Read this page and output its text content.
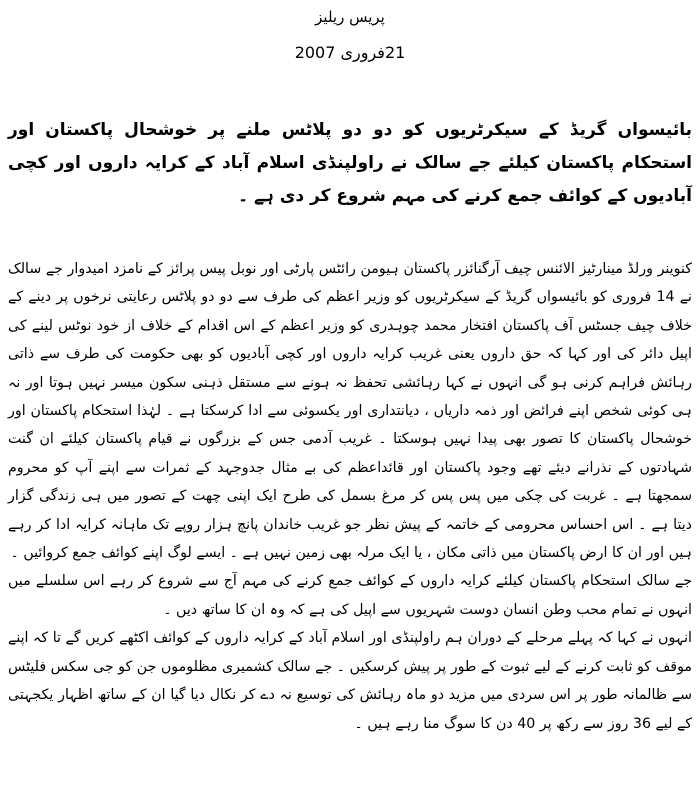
پریس ریلیز
21فروری 2007
بائیسواں گریڈ کے سیکرٹریوں کو دو دو پلاٹس ملنے پر خوشحال پاکستان اور استحکام پاکستان کیلئے جے سالک نے راولپنڈی اسلام آباد کے کرایہ داروں اور کچی آبادیوں کے کوائف جمع کرنے کی مہم شروع کر دی ہے ۔

کنوینر ورلڈ مینارٹیز الائنس چیف آرگنائزر پاکستان ہیومن رائٹس پارٹی اور نوبل پیس پرائز کے نامزد امیدوار جے سالک نے 14 فروری کو بائیسواں گریڈ کے سیکرٹریوں کو وزیر اعظم کی طرف سے دو دو پلاٹس رعایتی نرخوں پر دینے کے خلاف چیف جسٹس آف پاکستان افتخار محمد چوہدری کو وزیر اعظم کے اس اقدام کے خلاف از خود نوٹس لینے کی اپیل دائر کی اور کہا کہ حق داروں یعنی غریب کرایہ داروں اور کچی آبادیوں کو بھی حکومت کی طرف سے ذاتی رہائش فراہم کرنی ہو گی انہوں نے کہا رہائشی تحفظ نہ ہونے سے مستقل ذہنی سکون میسر نہیں ہوتا اور نہ ہی کوئی شخص اپنے فرائض اور ذمہ داریاں ، دیانتداری اور یکسوئی سے ادا کرسکتا ہے ۔ لہٰذا استحکام پاکستان اور خوشحال پاکستان کا تصور بھی پیدا نہیں ہوسکتا ۔ غریب آدمی جس کے بزرگوں نے قیام پاکستان کیلئے ان گنت شہادتوں کے نذرانے دیئے تھے وجود پاکستان اور قائداعظم کی بے مثال جدوجہد کے ثمرات سے اپنے آپ کو محروم سمجھتا ہے ۔ غربت کی چکی میں پس پس کر مرغ بسمل کی طرح ایک اپنی چھت کے تصور میں ہی زندگی گزار دیتا ہے ۔ اس احساس محرومی کے خاتمہ کے پیش نظر جو غریب خاندان پانچ ہزار روپے تک ماہانہ کرایہ ادا کر رہے ہیں اور ان کا ارض پاکستان میں ذاتی مکان ، یا ایک مرلہ بھی زمین نہیں ہے ۔ ایسے لوگ اپنے کوائف جمع کروائیں ۔

جے سالک استحکام پاکستان کیلئے کرایہ داروں کے کوائف جمع کرنے کی مہم آج سے شروع کر رہے اس سلسلے میں انہوں نے تمام محب وطن انسان دوست شہریوں سے اپیل کی ہے کہ وہ ان کا ساتھ دیں ۔

انہوں نے کہا کہ پہلے مرحلے کے دوران ہم راولپنڈی اور اسلام آباد کے کرایہ داروں کے کوائف اکٹھے کریں گے تا کہ اپنے موقف کو ثابت کرنے کے لیے ثبوت کے طور پر پیش کرسکیں ۔ جے سالک کشمیری مظلوموں جن کو جی سکس فلیٹس سے ظالمانہ طور پر اس سردی میں مزید دو ماہ رہائش کی توسیع نہ دے کر نکال دیا گیا ان کے ساتھ اظہار یکجہتی کے لیے 36 روز سے رکھ پر 40 دن کا سوگ منا رہے ہیں ۔
